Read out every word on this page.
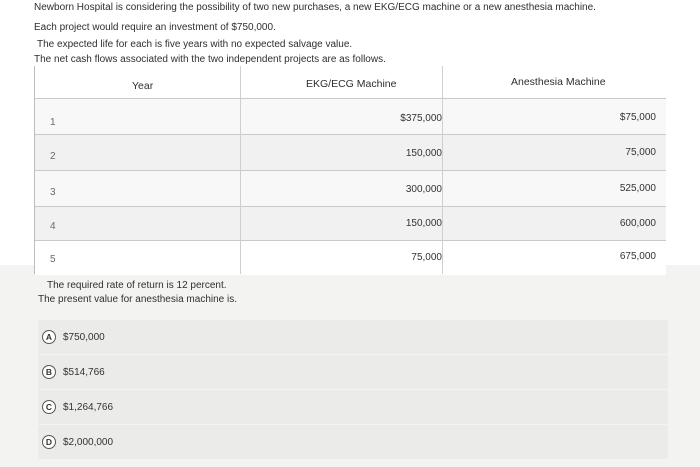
Newborn Hospital is considering the possibility of two new purchases, a new EKG/ECG machine or a new anesthesia machine.
Each project would require an investment of $750,000.
The expected life for each is five years with no expected salvage value.
The net cash flows associated with the two independent projects are as follows.
Year	EKG/ECG Machine	Anesthesia Machine
1	$375,000	$75,000
2	150,000	75,000
3	300,000	525,000
4	150,000	600,000
5	75,000	675,000
The required rate of return is 12 percent.
The present value for anesthesia machine is.
A	$750,000
B	$514,766
C	$1,264,766
D	$2,000,000
